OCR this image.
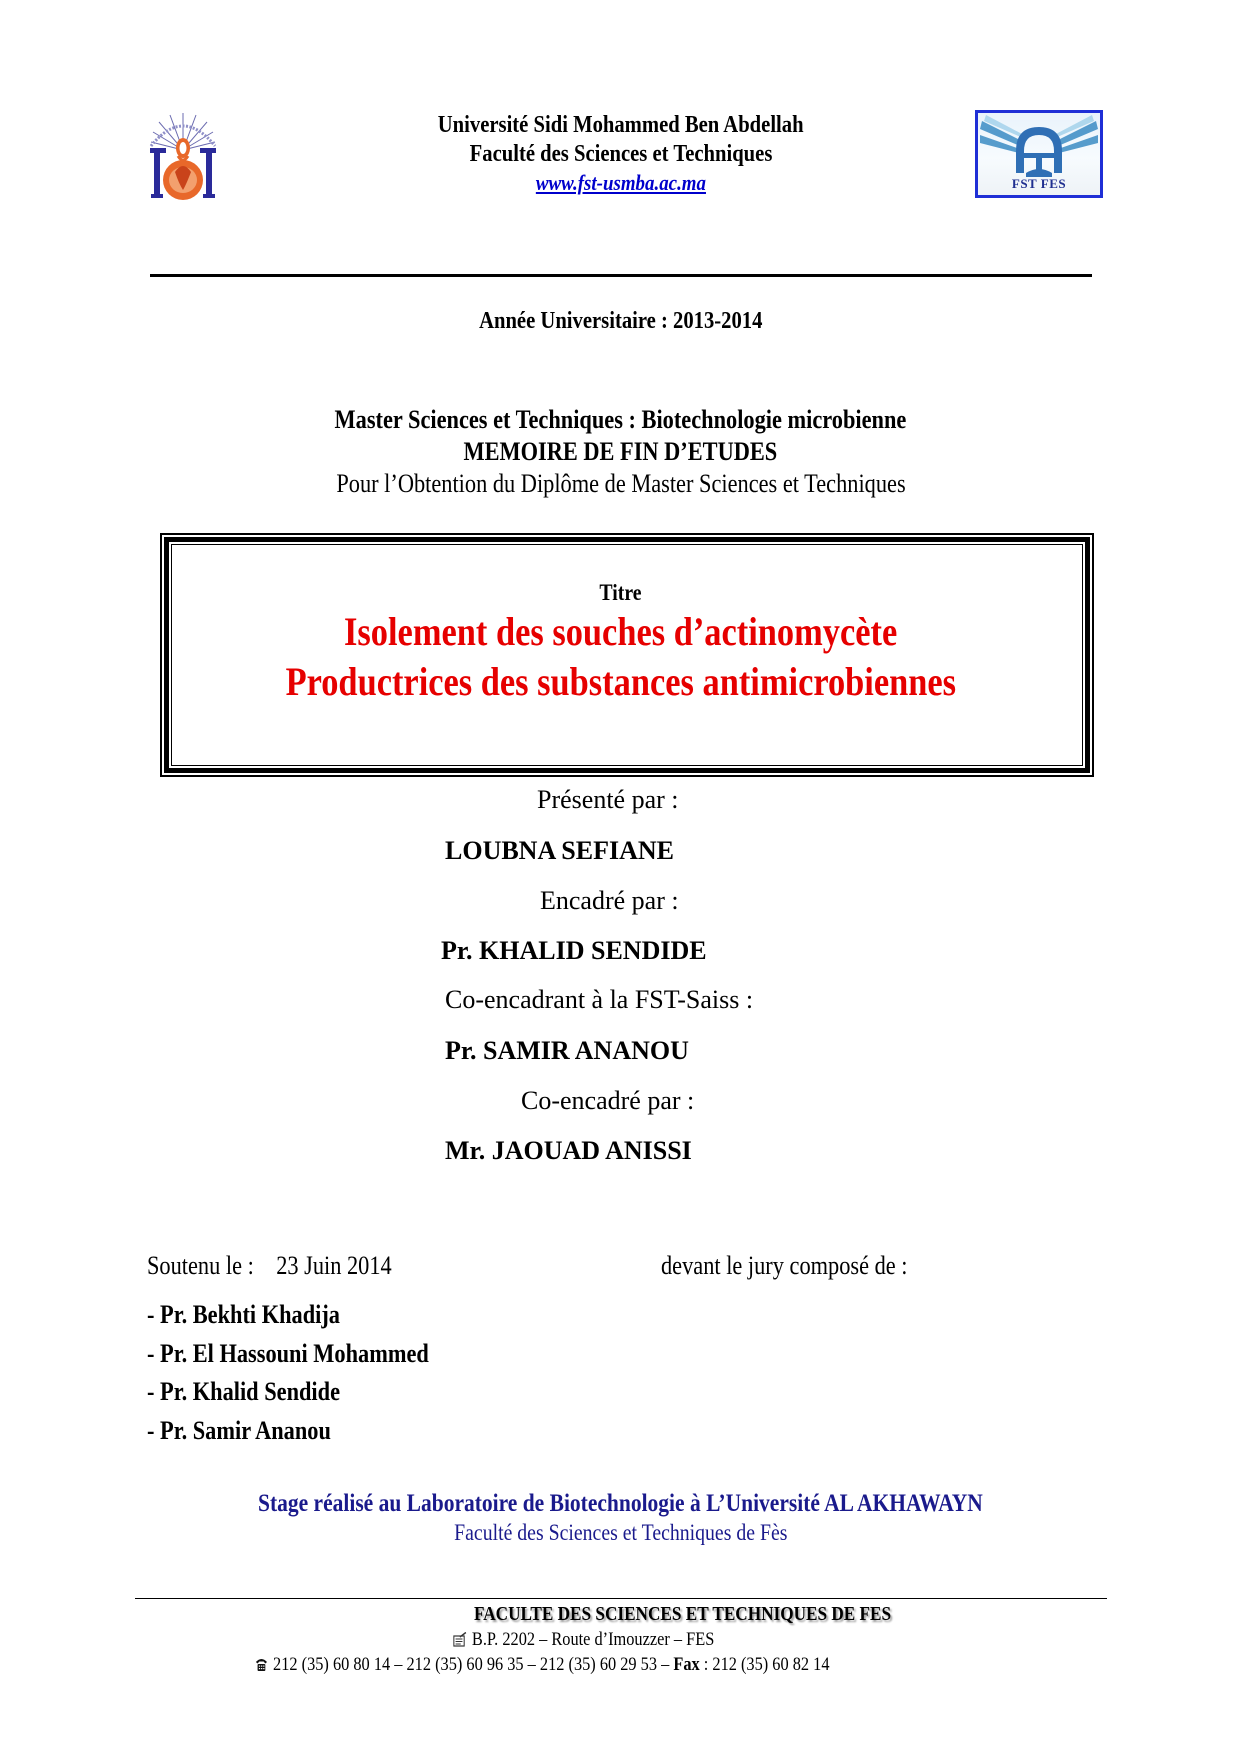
Université Sidi Mohammed Ben Abdellah
Faculté des Sciences et Techniques
www.fst-usmba.ac.ma	FST FES
Année Universitaire : 2013-2014
Master Sciences et Techniques : Biotechnologie microbienne
MEMOIRE DE FIN D’ETUDES
Pour l’Obtention du Diplôme de Master Sciences et Techniques
Titre
Isolement des souches d’actinomycète
Productrices des substances antimicrobiennes
Présenté par :
LOUBNA SEFIANE
Encadré par :
Pr. KHALID SENDIDE
Co-encadrant à la FST-Saiss :
Pr. SAMIR ANANOU
Co-encadré par :
Mr. JAOUAD ANISSI
Soutenu le : 23 Juin 2014	devant le jury composé de :
- Pr. Bekhti Khadija
- Pr. El Hassouni Mohammed
- Pr. Khalid Sendide
- Pr. Samir Ananou
Stage réalisé au Laboratoire de Biotechnologie à L’Université AL AKHAWAYN
Faculté des Sciences et Techniques de Fès
FACULTE DES SCIENCES ET TECHNIQUES DE FES
B.P. 2202 – Route d’Imouzzer – FES
212 (35) 60 80 14 – 212 (35) 60 96 35 – 212 (35) 60 29 53 – Fax : 212 (35) 60 82 14
